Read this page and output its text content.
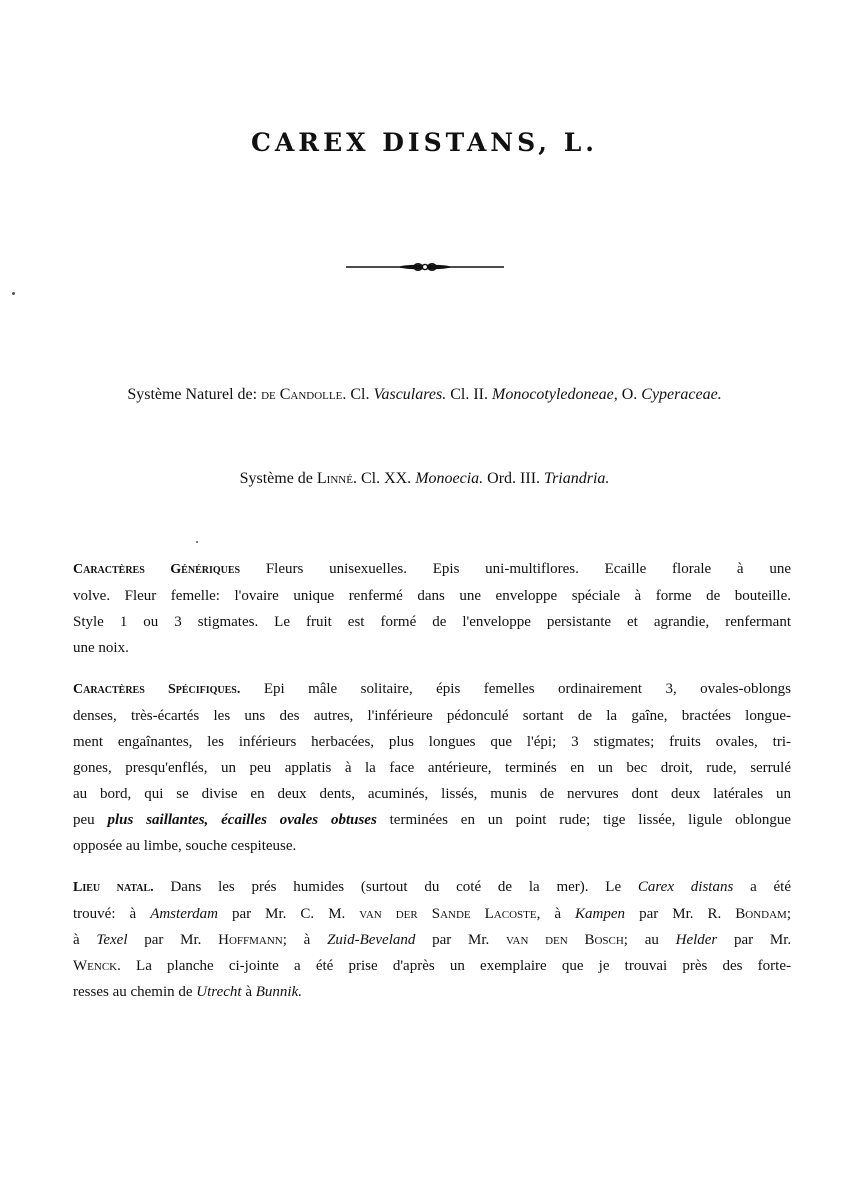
CAREX DISTANS, L.
Système Naturel de: de Candolle. Cl. Vasculares. Cl. II. Monocotyledoneae, O. Cyperaceae.
Système de Linné. Cl. XX. Monoecia. Ord. III. Triandria.
Caractères Génériques Fleurs unisexuelles. Epis uni-multiflores. Ecaille florale à une
volve. Fleur femelle: l'ovaire unique renfermé dans une enveloppe spéciale à forme de bouteille.
Style 1 ou 3 stigmates. Le fruit est formé de l'enveloppe persistante et agrandie, renfermant
une noix.
Caractères Spécifiques. Epi mâle solitaire, épis femelles ordinairement 3, ovales-oblongs
denses, très-écartés les uns des autres, l'inférieure pédonculé sortant de la gaîne, bractées longue-
ment engaînantes, les inférieurs herbacées, plus longues que l'épi; 3 stigmates; fruits ovales, tri-
gones, presqu'enflés, un peu applatis à la face antérieure, terminés en un bec droit, rude, serrulé
au bord, qui se divise en deux dents, acuminés, lissés, munis de nervures dont deux latérales un
peu plus saillantes, écailles ovales obtuses terminées en un point rude; tige lissée, ligule oblongue
opposée au limbe, souche cespiteuse.
Lieu natal. Dans les prés humides (surtout du coté de la mer). Le Carex distans a été
trouvé: à Amsterdam par Mr. C. M. van der Sande Lacoste, à Kampen par Mr. R. Bondam;
à Texel par Mr. Hoffmann; à Zuid-Beveland par Mr. van den Bosch; au Helder par Mr.
Wenck. La planche ci-jointe a été prise d'après un exemplaire que je trouvai près des forte-
resses au chemin de Utrecht à Bunnik.
